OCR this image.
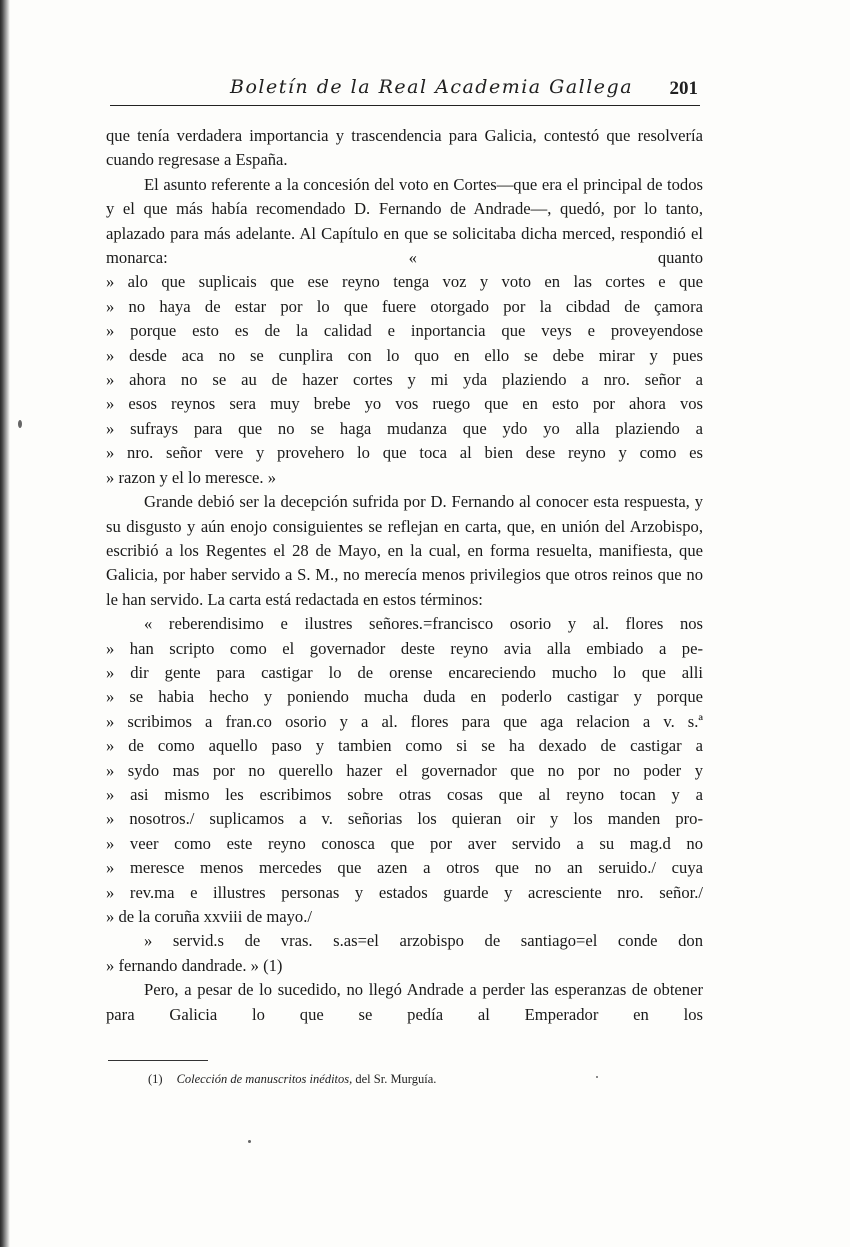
Boletín de la Real Academia Gallega 201

que tenía verdadera importancia y trascendencia para Galicia, contestó que resolvería cuando regresase a España.

El asunto referente a la concesión del voto en Cortes—que era el principal de todos y el que más había recomendado D. Fernando de Andrade—, quedó, por lo tanto, aplazado para más adelante. Al Capítulo en que se solicitaba dicha merced, respondió el monarca: « quanto

» alo que suplicais que ese reyno tenga voz y voto en las cortes e que
» no haya de estar por lo que fuere otorgado por la cibdad de çamora
» porque esto es de la calidad e inportancia que veys e proveyendose
» desde aca no se cunplira con lo quo en ello se debe mirar y pues
» ahora no se au de hazer cortes y mi yda plaziendo a nro. señor a
» esos reynos sera muy brebe yo vos ruego que en esto por ahora vos
» sufrays para que no se haga mudanza que ydo yo alla plaziendo a
» nro. señor vere y provehero lo que toca al bien dese reyno y como es
» razon y el lo meresce. »

Grande debió ser la decepción sufrida por D. Fernando al conocer esta respuesta, y su disgusto y aún enojo consiguientes se reflejan en carta, que, en unión del Arzobispo, escribió a los Regentes el 28 de Mayo, en la cual, en forma resuelta, manifiesta, que Galicia, por haber servido a S. M., no merecía menos privilegios que otros reinos que no le han servido. La carta está redactada en estos términos:

« reberendisimo e ilustres señores.=francisco osorio y al. flores nos
» han scripto como el governador deste reyno avia alla embiado a pe-
» dir gente para castigar lo de orense encareciendo mucho lo que alli
» se habia hecho y poniendo mucha duda en poderlo castigar y porque
» scribimos a fran.co osorio y a al. flores para que aga relacion a v. s.ª
» de como aquello paso y tambien como si se ha dexado de castigar a
» sydo mas por no querello hazer el governador que no por no poder y
» asi mismo les escribimos sobre otras cosas que al reyno tocan y a
» nosotros./ suplicamos a v. señorias los quieran oir y los manden pro-
» veer como este reyno conosca que por aver servido a su mag.d no
» meresce menos mercedes que azen a otros que no an seruido./ cuya
» rev.ma e illustres personas y estados guarde y acresciente nro. señor./
» de la coruña xxviii de mayo./
» servid.s de vras. s.as=el arzobispo de santiago=el conde don
» fernando dandrade. » (1)

Pero, a pesar de lo sucedido, no llegó Andrade a perder las esperanzas de obtener para Galicia lo que se pedía al Emperador en los

(1) Colección de manuscritos inéditos, del Sr. Murguía.
